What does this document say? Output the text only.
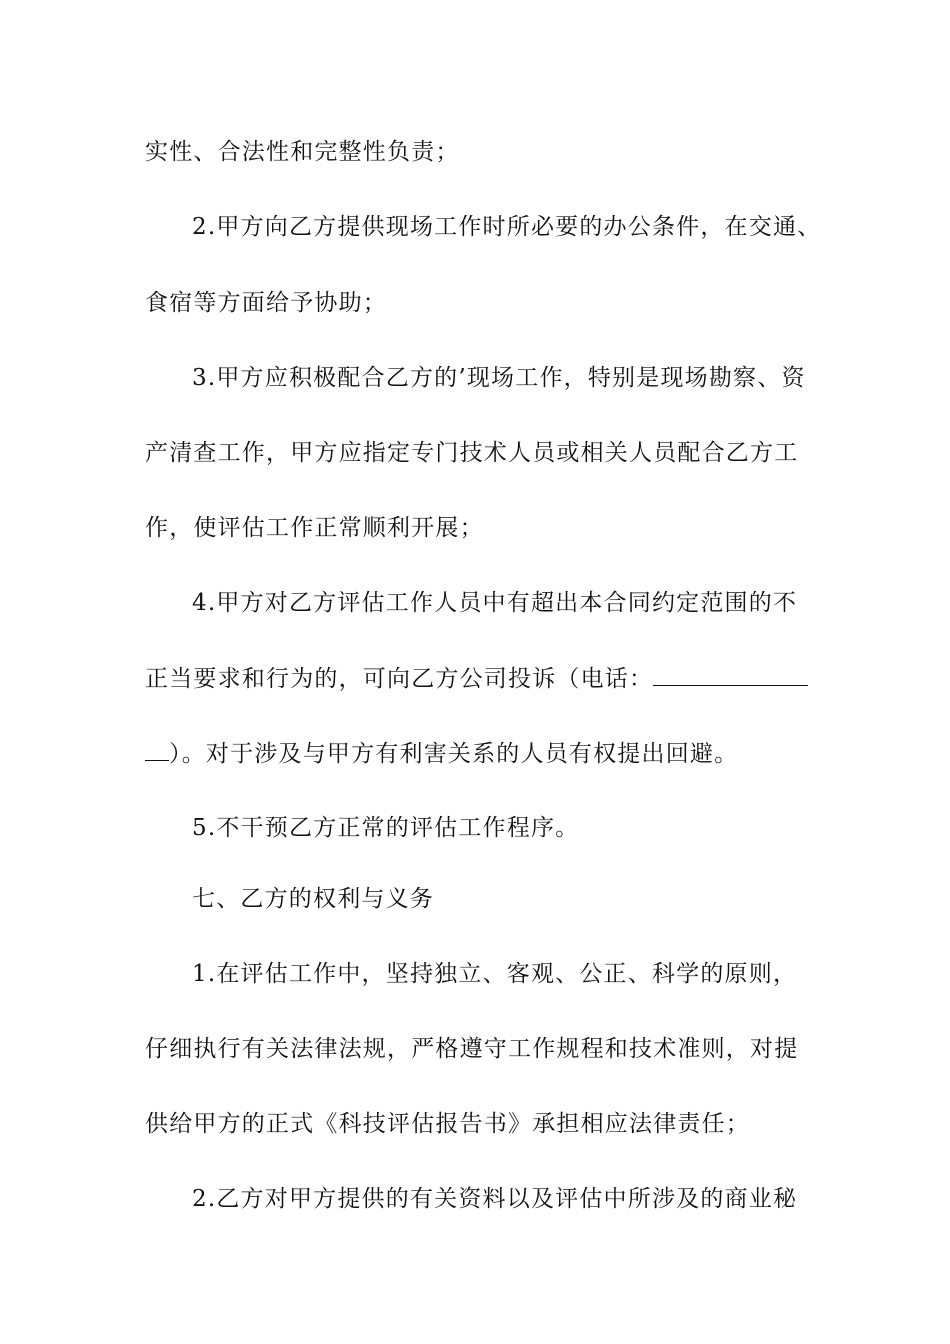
实性、合法性和完整性负责；
2.甲方向乙方提供现场工作时所必要的办公条件，在交通、
食宿等方面给予协助；
3.甲方应积极配合乙方的’现场工作，特别是现场勘察、资
产清查工作，甲方应指定专门技术人员或相关人员配合乙方工
作，使评估工作正常顺利开展；
4.甲方对乙方评估工作人员中有超出本合同约定范围的不
正当要求和行为的，可向乙方公司投诉（电话：
）。对于涉及与甲方有利害关系的人员有权提出回避。
5.不干预乙方正常的评估工作程序。
七、乙方的权利与义务
1.在评估工作中，坚持独立、客观、公正、科学的原则，
仔细执行有关法律法规，严格遵守工作规程和技术准则，对提
供给甲方的正式《科技评估报告书》承担相应法律责任；
2.乙方对甲方提供的有关资料以及评估中所涉及的商业秘
